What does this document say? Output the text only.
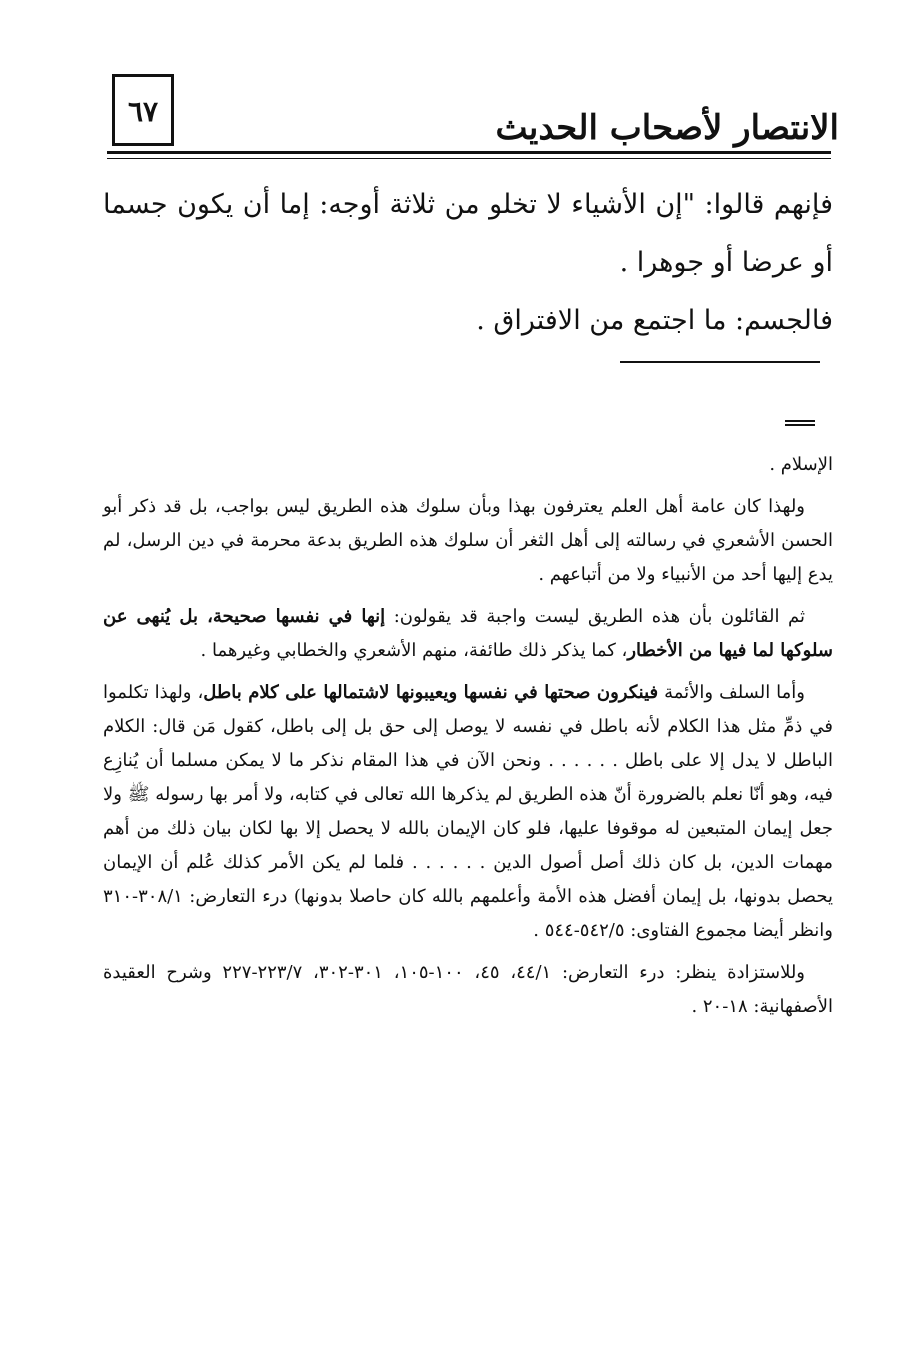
٦٧	الانتصار لأصحاب الحديث

فإنهم قالوا: "إن الأشياء لا تخلو من ثلاثة أوجه: إما أن يكون جسما أو عرضا أو جوهرا .

فالجسم: ما اجتمع من الافتراق .

الإسلام .

ولهذا كان عامة أهل العلم يعترفون بهذا وبأن سلوك هذه الطريق ليس بواجب، بل قد ذكر أبو الحسن الأشعري في رسالته إلى أهل الثغر أن سلوك هذه الطريق بدعة محرمة في دين الرسل، لم يدع إليها أحد من الأنبياء ولا من أتباعهم .

ثم القائلون بأن هذه الطريق ليست واجبة قد يقولون: إنها في نفسها صحيحة، بل يُنهى عن سلوكها لما فيها من الأخطار، كما يذكر ذلك طائفة، منهم الأشعري والخطابي وغيرهما .

وأما السلف والأئمة فينكرون صحتها في نفسها ويعيبونها لاشتمالها على كلام باطل، ولهذا تكلموا في ذمِّ مثل هذا الكلام لأنه باطل في نفسه لا يوصل إلى حق بل إلى باطل، كقول مَن قال: الكلام الباطل لا يدل إلا على باطل . . . . . . ونحن الآن في هذا المقام نذكر ما لا يمكن مسلما أن يُنازِع فيه، وهو أنّا نعلم بالضرورة أنّ هذه الطريق لم يذكرها الله تعالى في كتابه، ولا أمر بها رسوله ﷺ ولا جعل إيمان المتبعين له موقوفا عليها، فلو كان الإيمان بالله لا يحصل إلا بها لكان بيان ذلك من أهم مهمات الدين، بل كان ذلك أصل أصول الدين . . . . . . فلما لم يكن الأمر كذلك عُلم أن الإيمان يحصل بدونها، بل إيمان أفضل هذه الأمة وأعلمهم بالله كان حاصلا بدونها) درء التعارض: ٣٠٨/١-٣١٠ وانظر أيضا مجموع الفتاوى: ٥٤٢/٥-٥٤٤ .

وللاستزادة ينظر: درء التعارض: ٤٤/١، ٤٥، ١٠٠-١٠٥، ٣٠١-٣٠٢، ٢٢٣/٧-٢٢٧ وشرح العقيدة الأصفهانية: ١٨-٢٠ .
